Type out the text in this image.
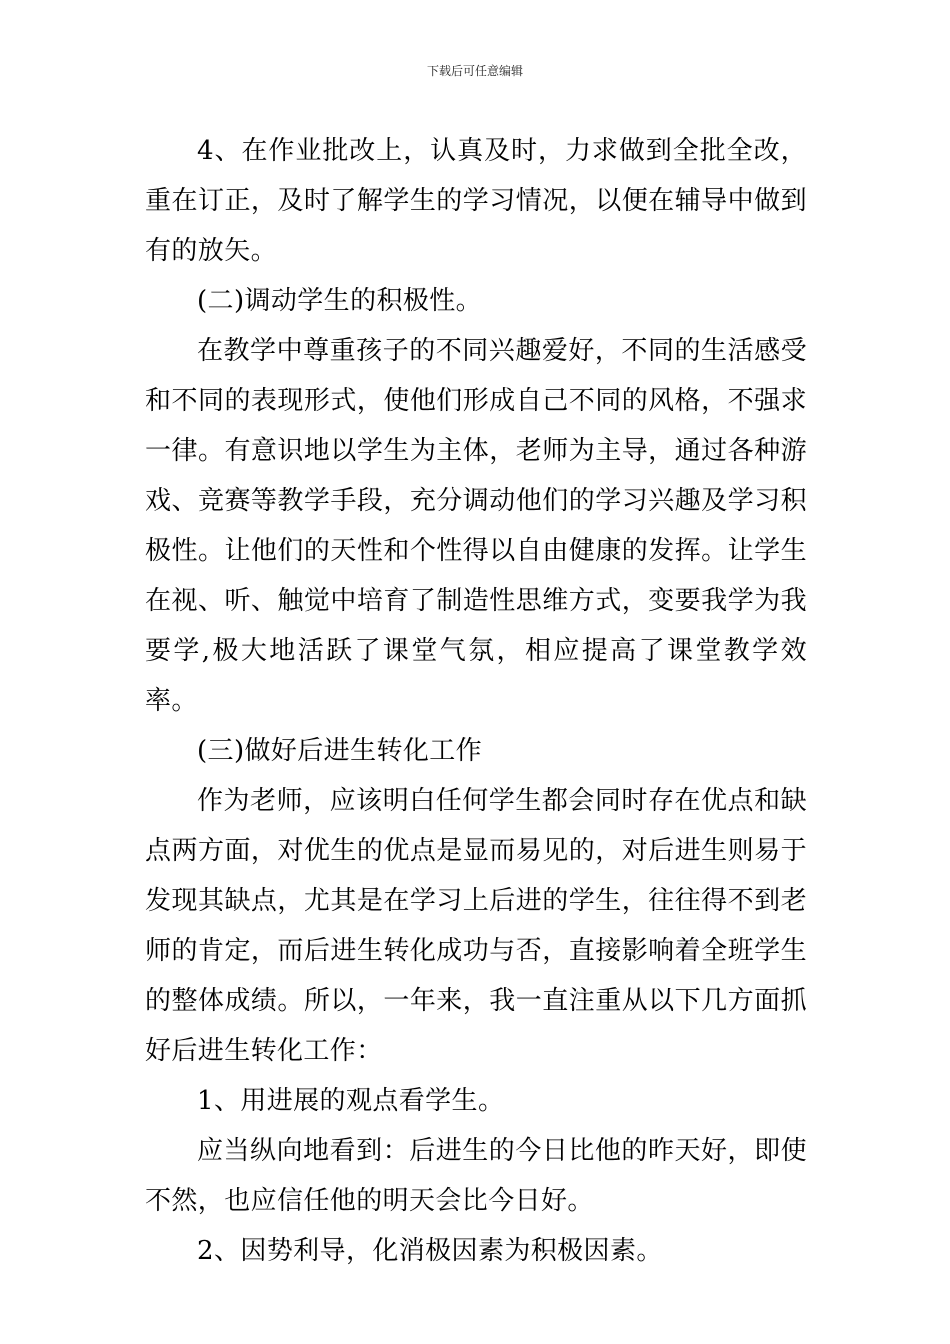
下载后可任意编辑

4、在作业批改上，认真及时，力求做到全批全改，重在订正，及时了解学生的学习情况，以便在辅导中做到有的放矢。

(二)调动学生的积极性。

在教学中尊重孩子的不同兴趣爱好，不同的生活感受和不同的表现形式，使他们形成自己不同的风格，不强求一律。有意识地以学生为主体，老师为主导，通过各种游戏、竞赛等教学手段，充分调动他们的学习兴趣及学习积极性。让他们的天性和个性得以自由健康的发挥。让学生在视、听、触觉中培育了制造性思维方式，变要我学为我要学,极大地活跃了课堂气氛，相应提高了课堂教学效率。

(三)做好后进生转化工作

作为老师，应该明白任何学生都会同时存在优点和缺点两方面，对优生的优点是显而易见的，对后进生则易于发现其缺点，尤其是在学习上后进的学生，往往得不到老师的肯定，而后进生转化成功与否，直接影响着全班学生的整体成绩。所以，一年来，我一直注重从以下几方面抓好后进生转化工作：

1、用进展的观点看学生。

应当纵向地看到：后进生的今日比他的昨天好，即使不然，也应信任他的明天会比今日好。

2、因势利导，化消极因素为积极因素。
